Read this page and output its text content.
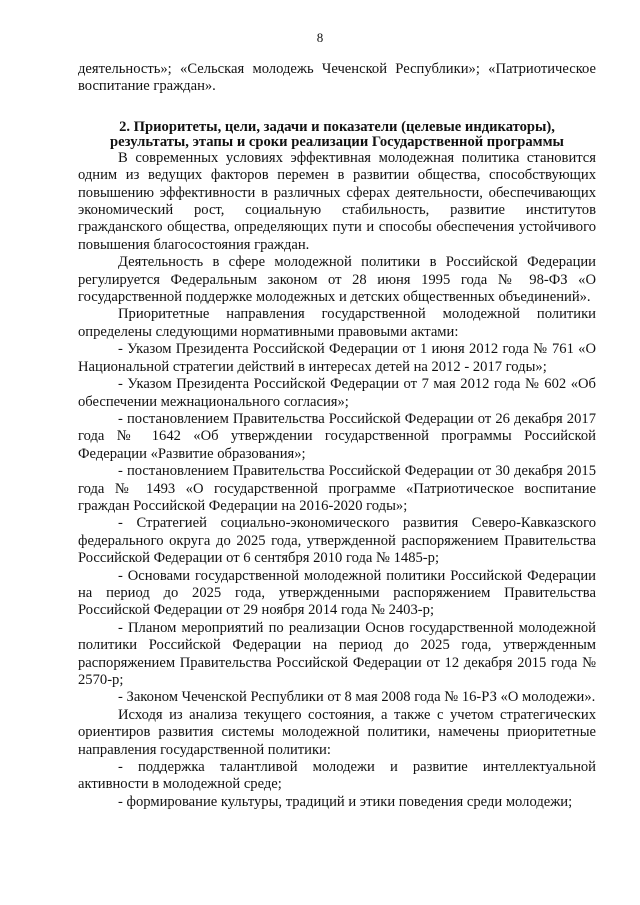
8

деятельность»; «Сельская молодежь Чеченской Республики»; «Патриотическое воспитание граждан».

2. Приоритеты, цели, задачи и показатели (целевые индикаторы),
результаты, этапы и сроки реализации Государственной программы

В современных условиях эффективная молодежная политика становится одним из ведущих факторов перемен в развитии общества, способствующих повышению эффективности в различных сферах деятельности, обеспечивающих экономический рост, социальную стабильность, развитие институтов гражданского общества, определяющих пути и способы обеспечения устойчивого повышения благосостояния граждан.

Деятельность в сфере молодежной политики в Российской Федерации регулируется Федеральным законом от 28 июня 1995 года № 98-ФЗ «О государственной поддержке молодежных и детских общественных объединений».

Приоритетные направления государственной молодежной политики определены следующими нормативными правовыми актами:

- Указом Президента Российской Федерации от 1 июня 2012 года № 761 «О Национальной стратегии действий в интересах детей на 2012 - 2017 годы»;

- Указом Президента Российской Федерации от 7 мая 2012 года № 602 «Об обеспечении межнационального согласия»;

- постановлением Правительства Российской Федерации от 26 декабря 2017 года № 1642 «Об утверждении государственной программы Российской Федерации «Развитие образования»;

- постановлением Правительства Российской Федерации от 30 декабря 2015 года № 1493 «О государственной программе «Патриотическое воспитание граждан Российской Федерации на 2016-2020 годы»;

- Стратегией социально-экономического развития Северо-Кавказского федерального округа до 2025 года, утвержденной распоряжением Правительства Российской Федерации от 6 сентября 2010 года № 1485-р;

- Основами государственной молодежной политики Российской Федерации на период до 2025 года, утвержденными распоряжением Правительства Российской Федерации от 29 ноября 2014 года № 2403-р;

- Планом мероприятий по реализации Основ государственной молодежной политики Российской Федерации на период до 2025 года, утвержденным распоряжением Правительства Российской Федерации от 12 декабря 2015 года № 2570-р;

- Законом Чеченской Республики от 8 мая 2008 года № 16-РЗ «О молодежи».

Исходя из анализа текущего состояния, а также с учетом стратегических ориентиров развития системы молодежной политики, намечены приоритетные направления государственной политики:

- поддержка талантливой молодежи и развитие интеллектуальной активности в молодежной среде;

- формирование культуры, традиций и этики поведения среди молодежи;
